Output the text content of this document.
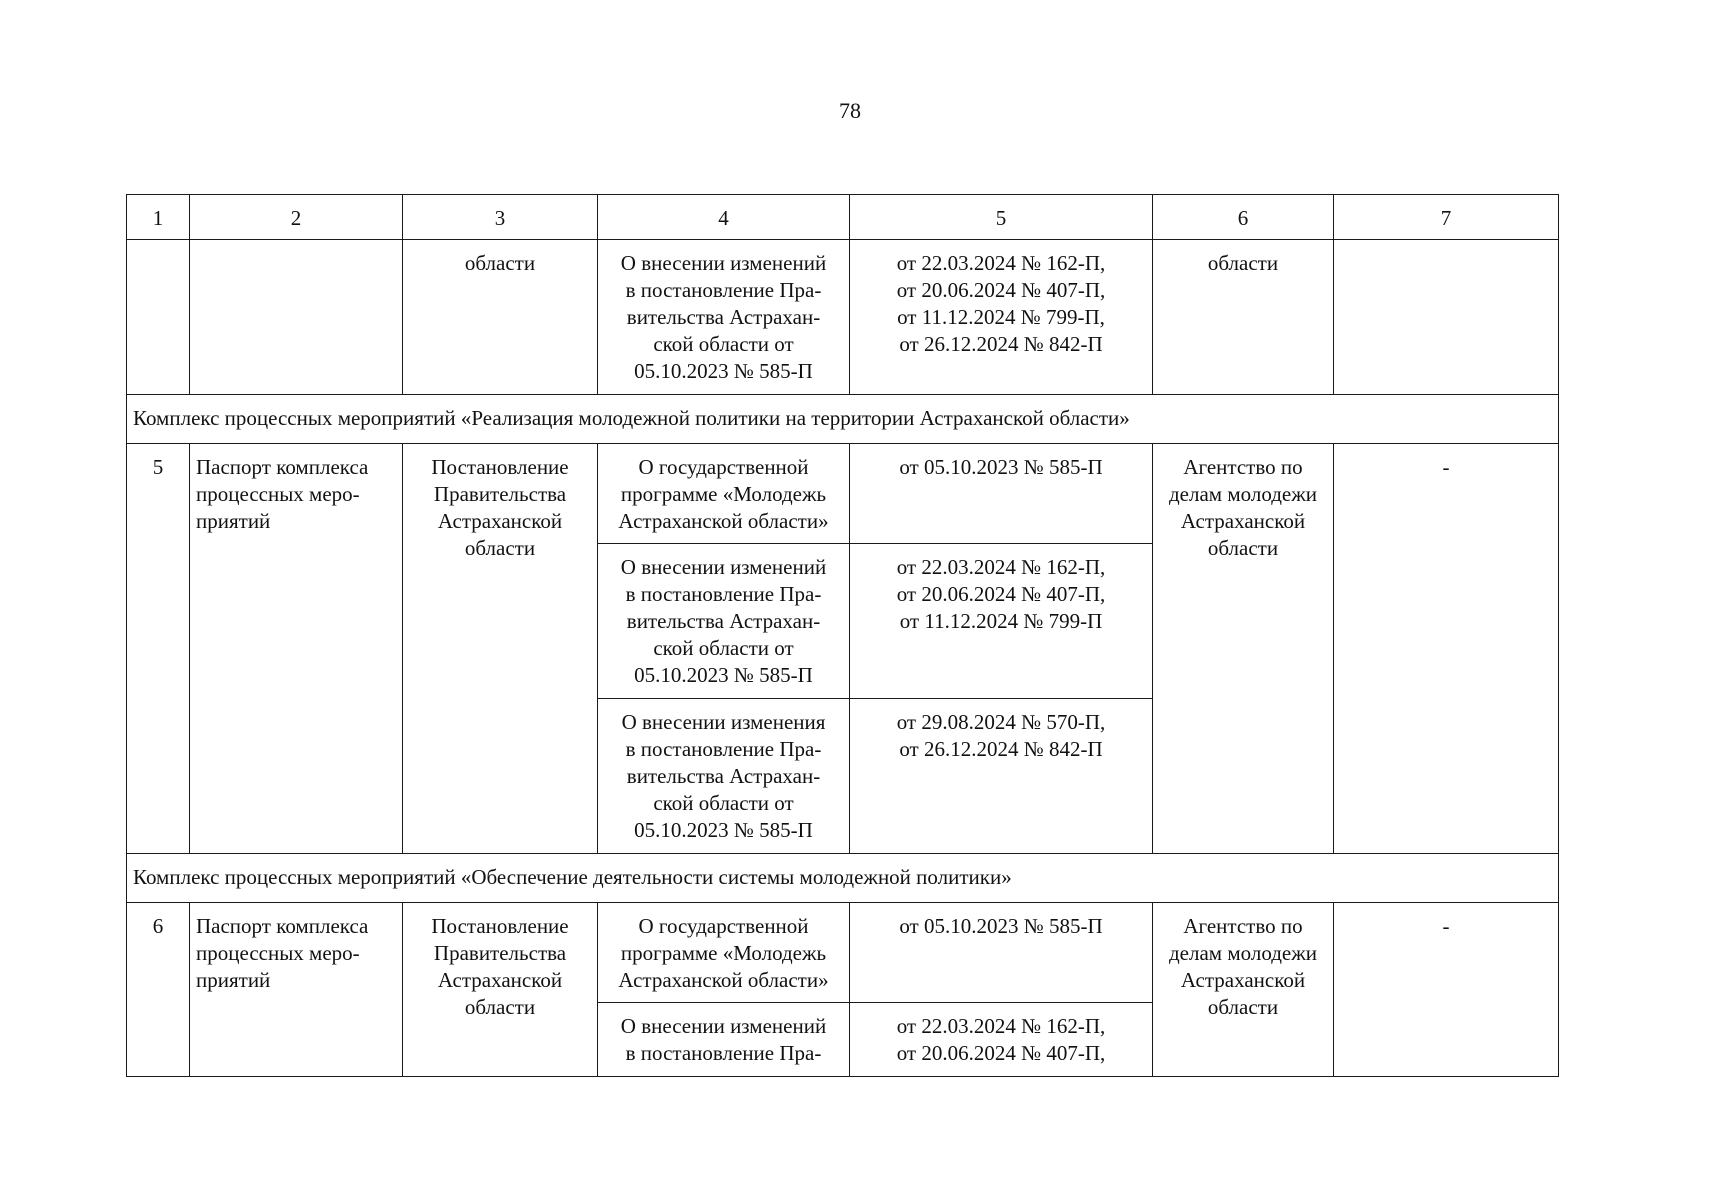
78
1	2	3	4	5	6	7
		области	О внесении изменений
в постановление Пра-
вительства Астрахан-
ской области от
05.10.2023 № 585-П	от 22.03.2024 № 162-П,
от 20.06.2024 № 407-П,
от 11.12.2024 № 799-П,
от 26.12.2024 № 842-П	области	
Комплекс процессных мероприятий «Реализация молодежной политики на территории Астраханской области»						
5	Паспорт комплекса
процессных меро-
приятий	Постановление
Правительства
Астраханской
области	О государственной
программе «Молодежь
Астраханской области»	от 05.10.2023 № 585-П	Агентство по
делам молодежи
Астраханской
области	-
			О внесении изменений
в постановление Пра-
вительства Астрахан-
ской области от
05.10.2023 № 585-П	от 22.03.2024 № 162-П,
от 20.06.2024 № 407-П,
от 11.12.2024 № 799-П		
			О внесении изменения
в постановление Пра-
вительства Астрахан-
ской области от
05.10.2023 № 585-П	от 29.08.2024 № 570-П,
от 26.12.2024 № 842-П		
Комплекс процессных мероприятий «Обеспечение деятельности системы молодежной политики»						
6	Паспорт комплекса
процессных меро-
приятий	Постановление
Правительства
Астраханской
области	О государственной
программе «Молодежь
Астраханской области»	от 05.10.2023 № 585-П	Агентство по
делам молодежи
Астраханской
области	-
			О внесении изменений
в постановление Пра-	от 22.03.2024 № 162-П,
от 20.06.2024 № 407-П,		
